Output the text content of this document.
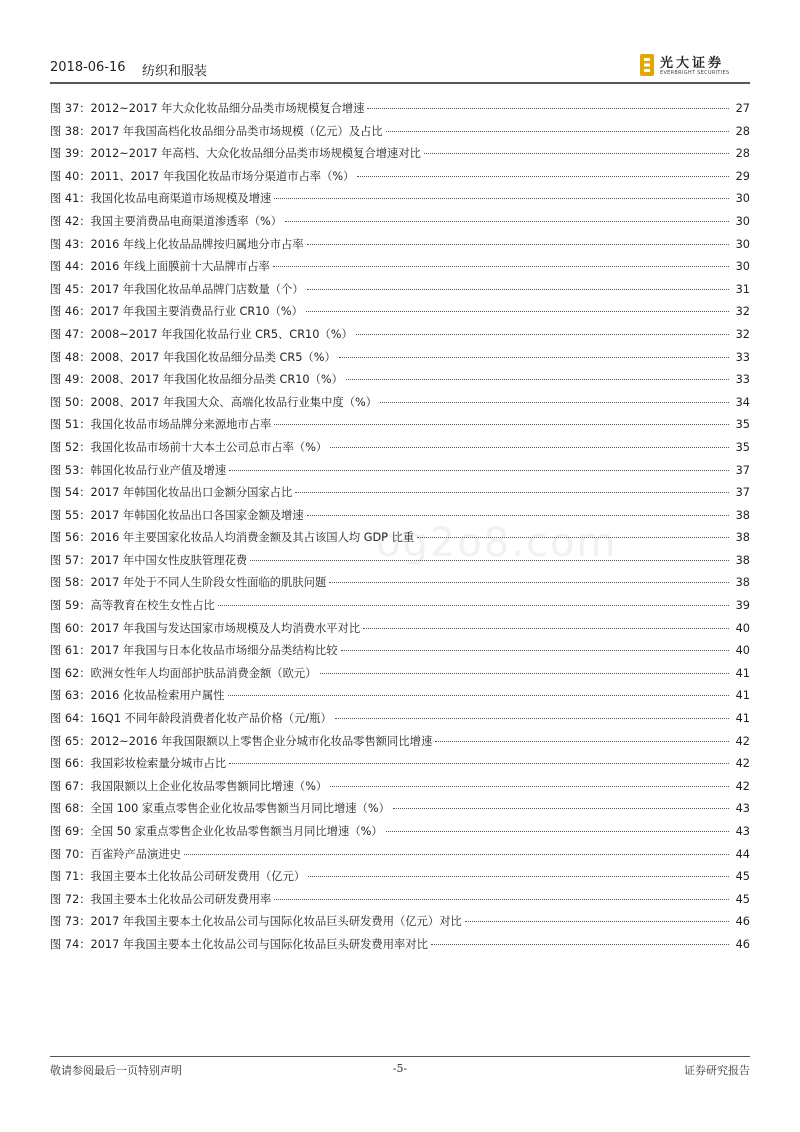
2018-06-16 纺织和服装
光大证券
EVERBRIGHT SECURITIES
og2o8.com
图 37：2012~2017 年大众化妆品细分品类市场规模复合增速	27
图 38：2017 年我国高档化妆品细分品类市场规模（亿元）及占比	28
图 39：2012~2017 年高档、大众化妆品细分品类市场规模复合增速对比	28
图 40：2011、2017 年我国化妆品市场分渠道市占率（%）	29
图 41：我国化妆品电商渠道市场规模及增速	30
图 42：我国主要消费品电商渠道渗透率（%）	30
图 43：2016 年线上化妆品品牌按归属地分市占率	30
图 44：2016 年线上面膜前十大品牌市占率	30
图 45：2017 年我国化妆品单品牌门店数量（个）	31
图 46：2017 年我国主要消费品行业 CR10（%）	32
图 47：2008~2017 年我国化妆品行业 CR5、CR10（%）	32
图 48：2008、2017 年我国化妆品细分品类 CR5（%）	33
图 49：2008、2017 年我国化妆品细分品类 CR10（%）	33
图 50：2008、2017 年我国大众、高端化妆品行业集中度（%）	34
图 51：我国化妆品市场品牌分来源地市占率	35
图 52：我国化妆品市场前十大本土公司总市占率（%）	35
图 53：韩国化妆品行业产值及增速	37
图 54：2017 年韩国化妆品出口金额分国家占比	37
图 55：2017 年韩国化妆品出口各国家金额及增速	38
图 56：2016 年主要国家化妆品人均消费金额及其占该国人均 GDP 比重	38
图 57：2017 年中国女性皮肤管理花费	38
图 58：2017 年处于不同人生阶段女性面临的肌肤问题	38
图 59：高等教育在校生女性占比	39
图 60：2017 年我国与发达国家市场规模及人均消费水平对比	40
图 61：2017 年我国与日本化妆品市场细分品类结构比较	40
图 62：欧洲女性年人均面部护肤品消费金额（欧元）	41
图 63：2016 化妆品检索用户属性	41
图 64：16Q1 不同年龄段消费者化妆产品价格（元/瓶）	41
图 65：2012~2016 年我国限额以上零售企业分城市化妆品零售额同比增速	42
图 66：我国彩妆检索量分城市占比	42
图 67：我国限额以上企业化妆品零售额同比增速（%）	42
图 68：全国 100 家重点零售企业化妆品零售额当月同比增速（%）	43
图 69：全国 50 家重点零售企业化妆品零售额当月同比增速（%）	43
图 70：百雀羚产品演进史	44
图 71：我国主要本土化妆品公司研发费用（亿元）	45
图 72：我国主要本土化妆品公司研发费用率	45
图 73：2017 年我国主要本土化妆品公司与国际化妆品巨头研发费用（亿元）对比	46
图 74：2017 年我国主要本土化妆品公司与国际化妆品巨头研发费用率对比	46
敬请参阅最后一页特别声明	-5-	证券研究报告
